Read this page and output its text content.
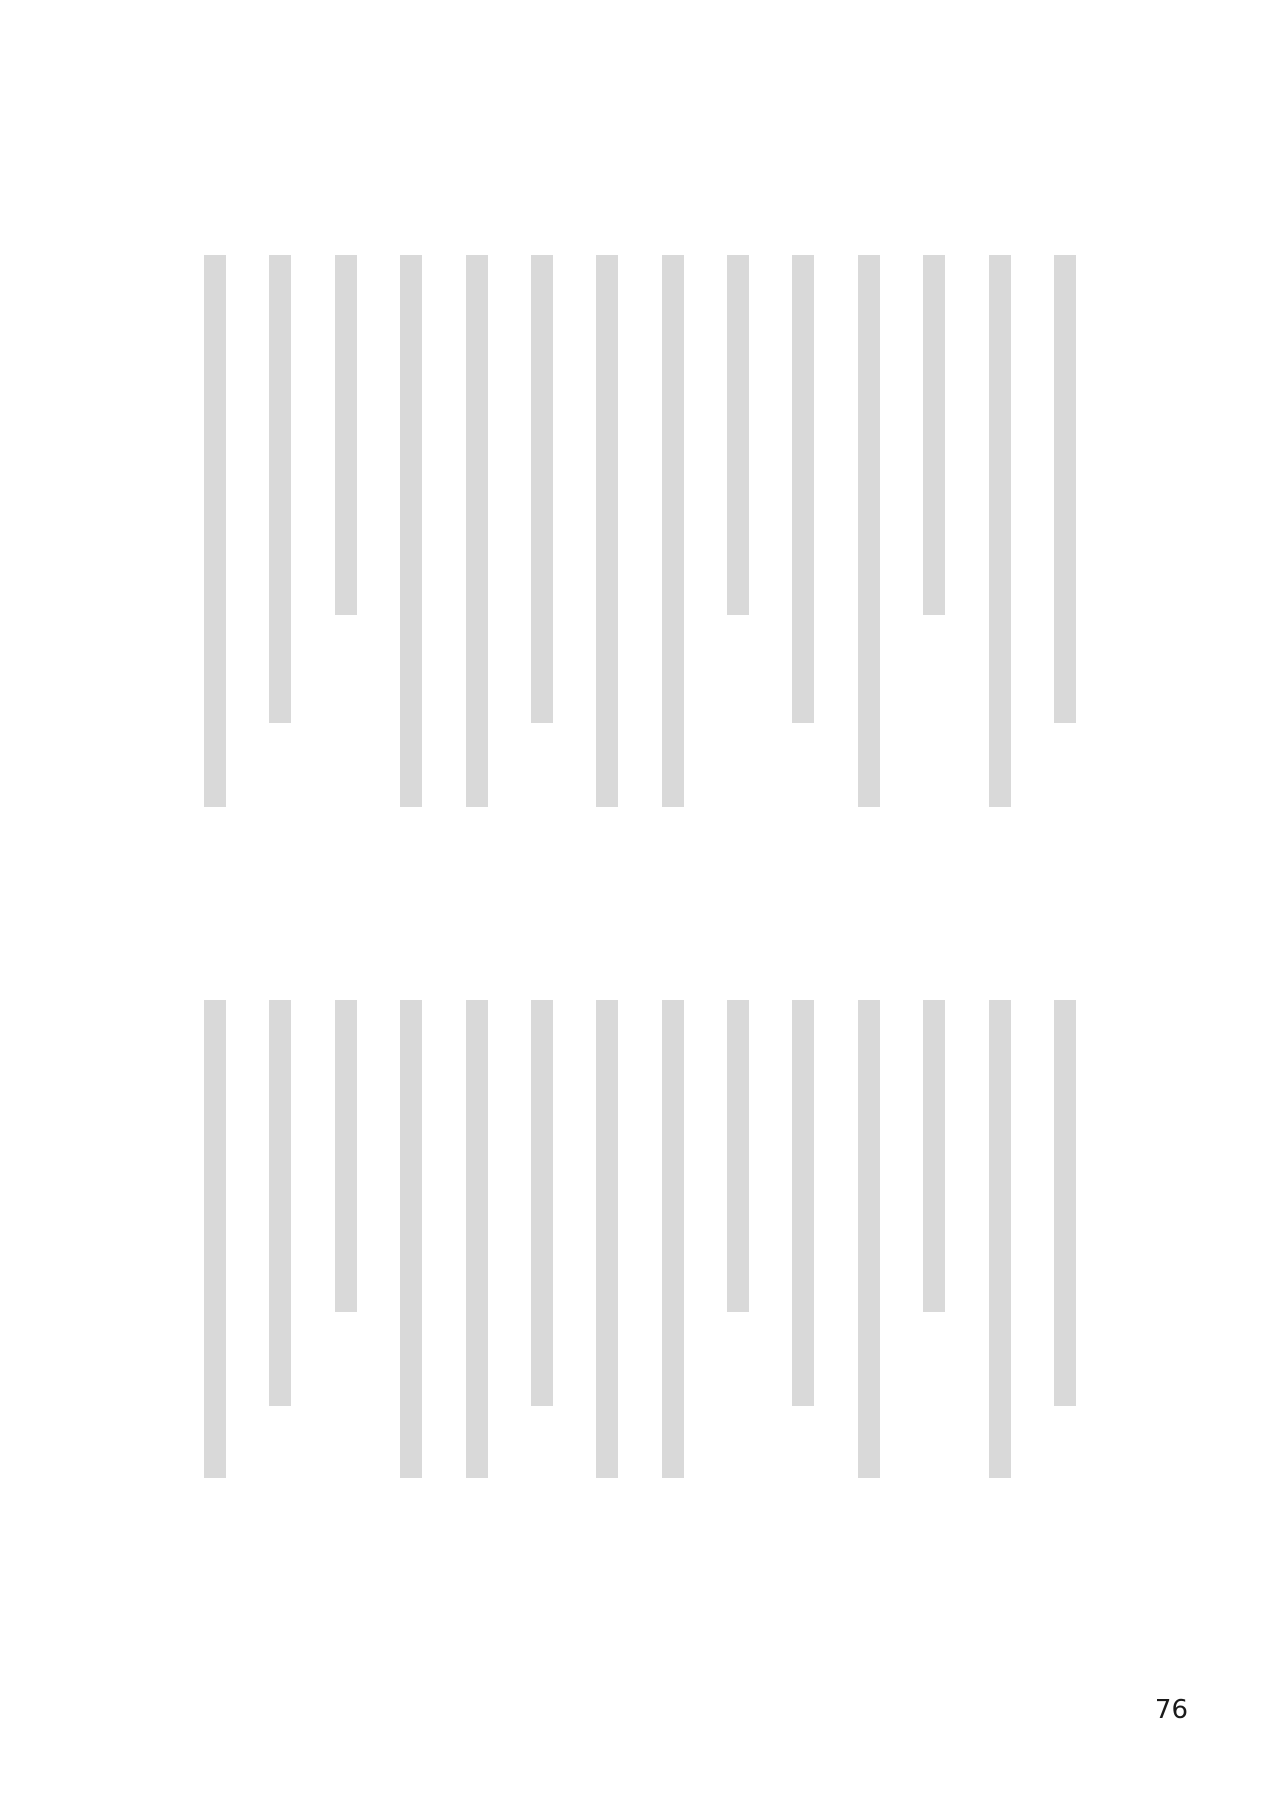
76
